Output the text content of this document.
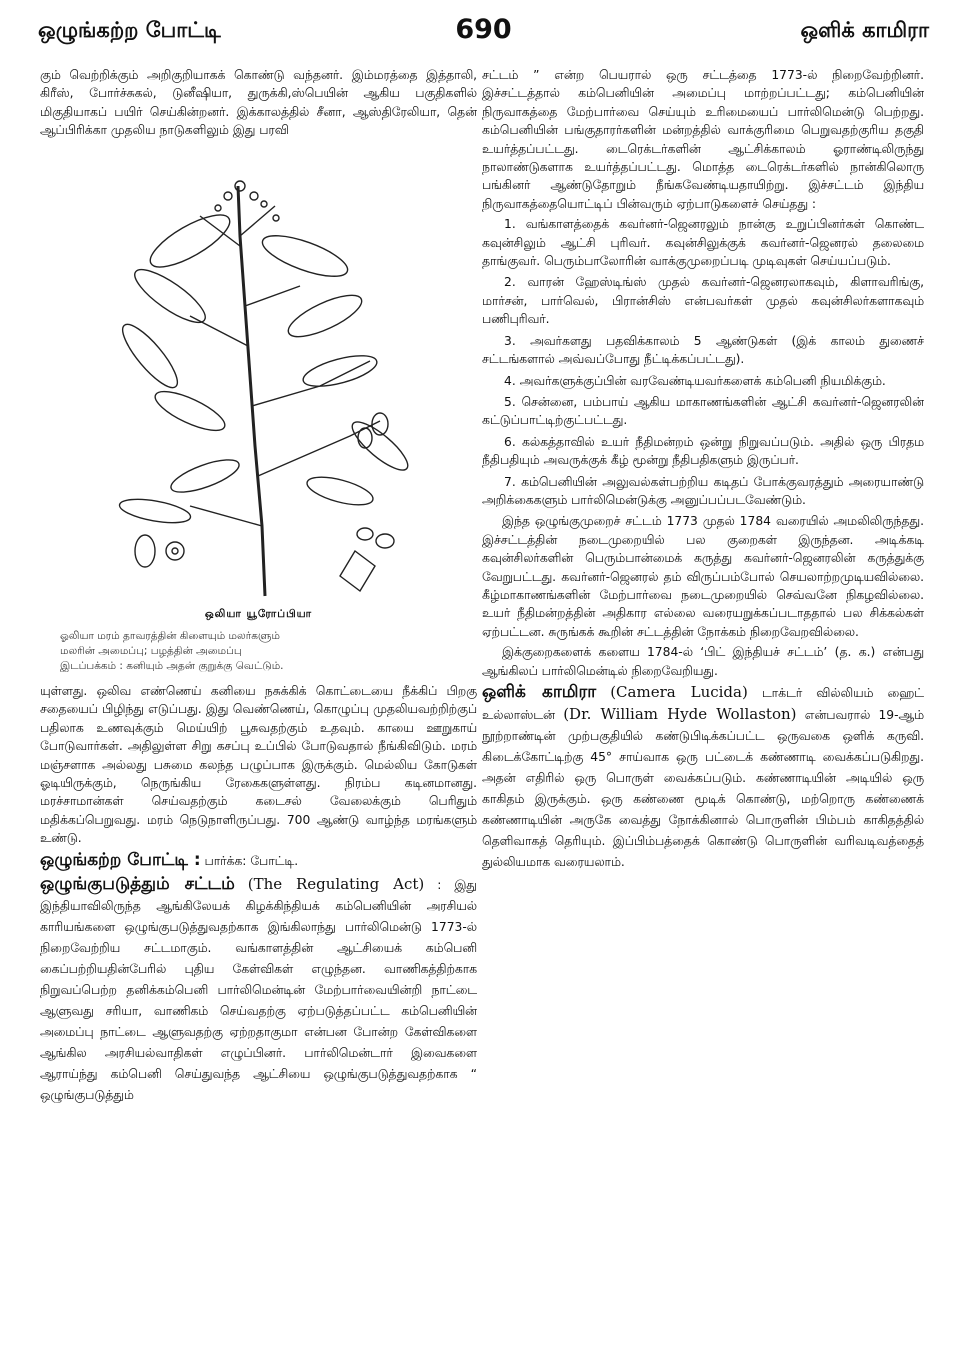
ஒழுங்கற்ற போட்டி	690	ஒளிக் காமிரா

கும் வெற்றிக்கும் அறிகுறியாகக் கொண்டு வந்தனர். இம்மரத்தை இத்தாலி, கிரீஸ், போர்ச்சுகல், டுனீஷியா, துருக்கி,ஸ்பெயின் ஆகிய பகுதிகளில் மிகுதியாகப் பயிர் செய்கின்றனர். இக்காலத்தில் சீனா, ஆஸ்திரேலியா, தென் ஆப்பிரிக்கா முதலிய நாடுகளிலும் இது பரவி

ஒலியா யூரோப்பியா
ஓலியா மரம் தாவரத்தின் கிளையும் மலர்களும்
மலரின் அமைப்பு; பழத்தின் அமைப்பு
இடப்பக்கம் : கனியும் அதன் குறுக்கு வெட்டும்.

யுள்ளது. ஒலிவ எண்ணெய் கனியை நசுக்கிக் கொட்டையை நீக்கிப் பிறகு சதையைப் பிழிந்து எடுப்பது. இது வெண்ணெய், கொழுப்பு முதலியவற்றிற்குப் பதிலாக உணவுக்கும் மெய்யிற் பூசுவதற்கும் உதவும். காயை ஊறுகாய் போடுவார்கள். அதிலுள்ள சிறு கசப்பு உப்பில் போடுவதால் நீங்கிவிடும். மரம் மஞ்சளாக அல்லது பசுமை கலந்த பழுப்பாக இருக்கும். மெல்லிய கோடுகள் ஓடியிருக்கும், நெருங்கிய ரேகைகளுள்ளது. நிரம்ப கடினமானது. மரச்சாமான்கள் செய்வதற்கும் கடைசல் வேலைக்கும் பெரிதும் மதிக்கப்பெறுவது. மரம் நெடுநாளிருப்பது. 700 ஆண்டு வாழ்ந்த மரங்களும் உண்டு.

ஒழுங்கற்ற போட்டி : பார்க்க: போட்டி.

ஒழுங்குபடுத்தும் சட்டம் (The Regulating Act) : இது இந்தியாவிலிருந்த ஆங்கிலேயக் கிழக்கிந்தியக் கம்பெனியின் அரசியல் காரியங்களை ஒழுங்குபடுத்துவதற்காக இங்கிலாந்து பார்லிமென்டு 1773-ல் நிறைவேற்றிய சட்டமாகும். வங்காளத்தின் ஆட்சியைக் கம்பெனி கைப்பற்றியதின்பேரில் புதிய கேள்விகள் எழுந்தன. வாணிகத்திற்காக நிறுவப்பெற்ற தனிக்கம்பெனி பார்லிமென்டின் மேற்பார்வையின்றி நாட்டை ஆளுவது சரியா, வாணிகம் செய்வதற்கு ஏற்படுத்தப்பட்ட கம்பெனியின் அமைப்பு நாட்டை ஆளுவதற்கு ஏற்றதாகுமா என்பன போன்ற கேள்விகளை ஆங்கில அரசியல்வாதிகள் எழுப்பினர். பார்லிமென்டார் இவைகளை ஆராய்ந்து கம்பெனி செய்துவந்த ஆட்சியை ஒழுங்குபடுத்துவதற்காக “ ஒழுங்குபடுத்தும்

சட்டம் ” என்ற பெயரால் ஒரு சட்டத்தை 1773-ல் நிறைவேற்றினர். இச்சட்டத்தால் கம்பெனியின் அமைப்பு மாற்றப்பட்டது; கம்பெனியின் நிருவாகத்தை மேற்பார்வை செய்யும் உரிமையைப் பார்லிமென்டு பெற்றது. கம்பெனியின் பங்குதாரர்களின் மன்றத்தில் வாக்குரிமை பெறுவதற்குரிய தகுதி உயர்த்தப்பட்டது. டைரெக்டர்களின் ஆட்சிக்காலம் ஓராண்டிலிருந்து நாலாண்டுகளாக உயர்த்தப்பட்டது. மொத்த டைரெக்டர்களில் நான்கிலொரு பங்கினர் ஆண்டுதோறும் நீங்கவேண்டியதாயிற்று. இச்சட்டம் இந்திய நிருவாகத்தையொட்டிப் பின்வரும் ஏற்பாடுகளைச் செய்தது :

1. வங்காளத்தைக் கவர்னர்-ஜெனரலும் நான்கு உறுப்பினர்கள் கொண்ட கவுன்சிலும் ஆட்சி புரிவர். கவுன்சிலுக்குக் கவர்னர்-ஜெனரல் தலைமை தாங்குவர். பெரும்பாலோரின் வாக்குமுறைப்படி முடிவுகள் செய்யப்படும்.

2. வாரன் ஹேஸ்டிங்ஸ் முதல் கவர்னர்-ஜெனரலாகவும், கிளாவரிங்கு, மார்சன், பார்வெல், பிரான்சிஸ் என்பவர்கள் முதல் கவுன்சிலர்களாகவும் பணிபுரிவர்.

3. அவர்களது பதவிக்காலம் 5 ஆண்டுகள் (இக் காலம் துணைச் சட்டங்களால் அவ்வப்போது நீட்டிக்கப்பட்டது).

4. அவர்களுக்குப்பின் வரவேண்டியவர்களைக் கம்பெனி நியமிக்கும்.

5. சென்னை, பம்பாய் ஆகிய மாகாணங்களின் ஆட்சி கவர்னர்-ஜெனரலின் கட்டுப்பாட்டிற்குட்பட்டது.

6. கல்கத்தாவில் உயர் நீதிமன்றம் ஒன்று நிறுவப்படும். அதில் ஒரு பிரதம நீதிபதியும் அவருக்குக் கீழ் மூன்று நீதிபதிகளும் இருப்பர்.

7. கம்பெனியின் அலுவல்கள்பற்றிய கடிதப் போக்குவரத்தும் அரையாண்டு அறிக்கைகளும் பார்லிமென்டுக்கு அனுப்பப்படவேண்டும்.

இந்த ஒழுங்குமுறைச் சட்டம் 1773 முதல் 1784 வரையில் அமலிலிருந்தது. இச்சட்டத்தின் நடைமுறையில் பல குறைகள் இருந்தன. அடிக்கடி கவுன்சிலர்களின் பெரும்பான்மைக் கருத்து கவர்னர்-ஜெனரலின் கருத்துக்கு வேறுபட்டது. கவர்னர்-ஜெனரல் தம் விருப்பம்போல் செயலாற்றமுடியவில்லை. கீழ்மாகாணங்களின் மேற்பார்வை நடைமுறையில் செவ்வனே நிகழவில்லை. உயர் நீதிமன்றத்தின் அதிகார எல்லை வரையறுக்கப்படாததால் பல சிக்கல்கள் ஏற்பட்டன. சுருங்கக் கூறின் சட்டத்தின் நோக்கம் நிறைவேறவில்லை.

இக்குறைகளைக் களைய 1784-ல் ‘பிட் இந்தியச் சட்டம்’ (த. க.) என்பது ஆங்கிலப் பார்லிமென்டில் நிறைவேறியது.

ஒளிக் காமிரா (Camera Lucida) டாக்டர் வில்லியம் ஹைட் உல்லாஸ்டன் (Dr. William Hyde Wollaston) என்பவரால் 19-ஆம் நூற்றாண்டின் முற்பகுதியில் கண்டுபிடிக்கப்பட்ட ஒருவகை ஒளிக் கருவி. கிடைக்கோட்டிற்கு 45° சாய்வாக ஒரு பட்டைக் கண்ணாடி வைக்கப்படுகிறது. அதன் எதிரில் ஒரு பொருள் வைக்கப்படும். கண்ணாடியின் அடியில் ஒரு காகிதம் இருக்கும். ஒரு கண்ணை மூடிக் கொண்டு, மற்றொரு கண்ணைக் கண்ணாடியின் அருகே வைத்து நோக்கினால் பொருளின் பிம்பம் காகிதத்தில் தெளிவாகத் தெரியும். இப்பிம்பத்தைக் கொண்டு பொருளின் வரிவடிவத்தைத் துல்லியமாக வரையலாம்.
